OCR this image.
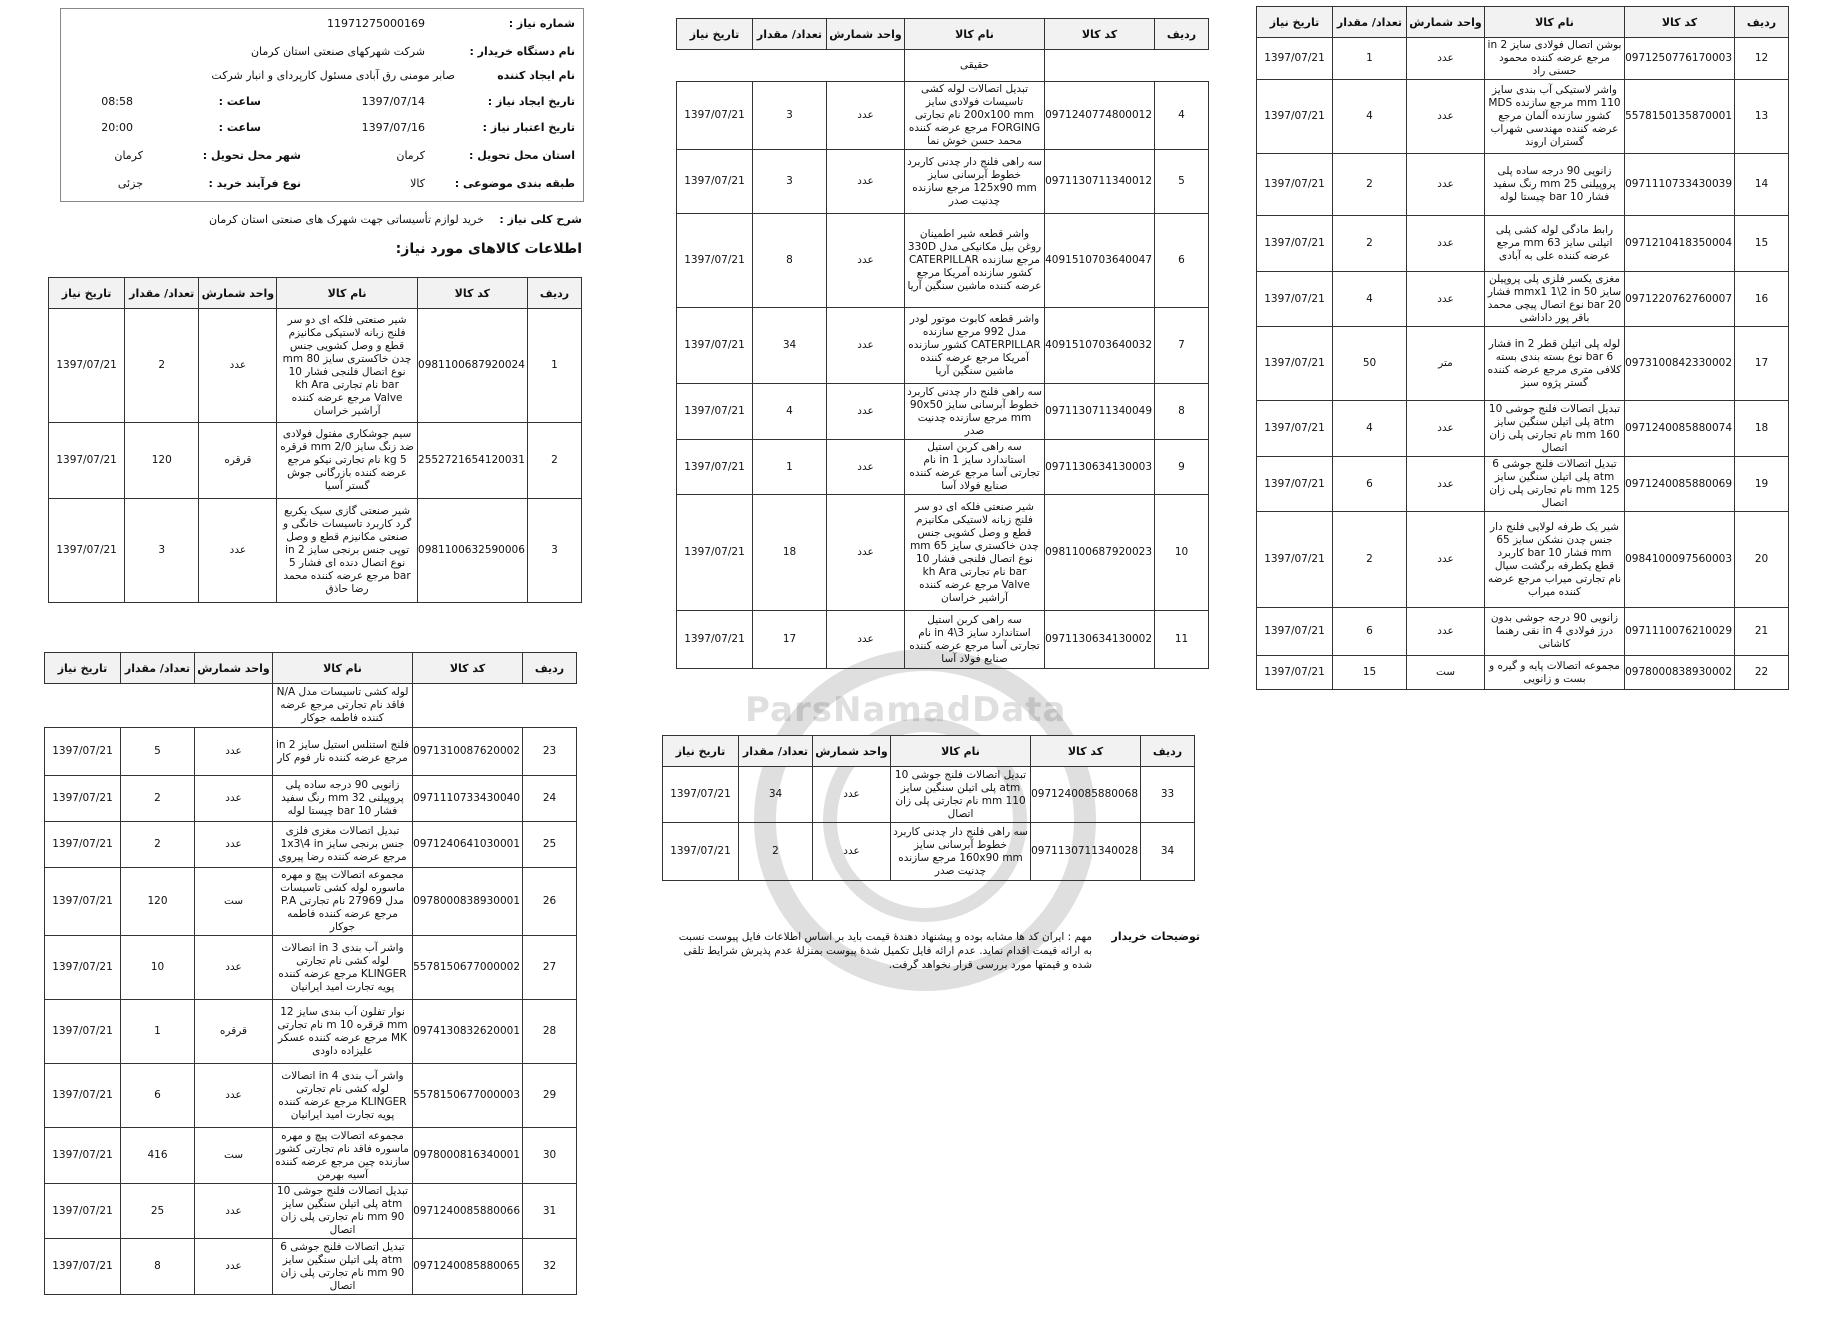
ParsNamadData
شماره نیاز :
11971275000169
نام دستگاه خریدار :
شرکت شهرکهای صنعتی استان کرمان
نام ایجاد کننده
صابر مومنی رق آبادی مسئول کارپردای و انبار شرکت
تاریخ ایجاد نیاز :
1397/07/14
ساعت :
08:58
تاریخ اعتبار نیاز :
1397/07/16
ساعت :
20:00
استان محل تحویل :
کرمان
شهر محل تحویل :
کرمان
طبقه بندی موضوعی :
کالا
نوع فرآیند خرید :
جزئی
شرح کلی نیاز : خرید لوازم تأسیساتی جهت شهرک های صنعتی استان کرمان
اطلاعات کالاهای مورد نیاز:
ردیف	کد کالا	نام کالا	واحد شمارش	تعداد/ مقدار	تاریخ نیاز
1	0981100687920024	شیر صنعتی فلکه ای دو سر فلنج زبانه لاستیکی مکانیزم قطع و وصل کشویی جنس چدن خاکستری سایز 80 mm نوع اتصال فلنجی فشار 10 bar نام تجارتی kh Ara Valve مرجع عرضه کننده آراشیر خراسان	عدد	2	1397/07/21
2	2552721654120031	سیم جوشکاری مفتول فولادی ضد زنگ سایز 2/0 mm قرقره 5 kg نام تجارتی نیکو مرجع عرضه کننده بازرگانی جوش گستر آسیا	قرقره	120	1397/07/21
3	0981100632590006	شیر صنعتی گازی سیک یکربع گرد کاربرد تاسیسات خانگی و صنعتی مکانیزم قطع و وصل توپی جنس برنجی سایز 2 in نوع اتصال دنده ای فشار 5 bar مرجع عرضه کننده محمد رضا حاذق	عدد	3	1397/07/21
ردیف	کد کالا	نام کالا	واحد شمارش	تعداد/ مقدار	تاریخ نیاز
		لوله کشی تاسیسات مدل N/A فاقد نام تجارتی مرجع عرضه کننده فاطمه جوکار			
23	0971310087620002	فلنج استنلس استیل سایز 2 in مرجع عرضه کننده نار فوم کار	عدد	5	1397/07/21
24	0971110733430040	زانویی 90 درجه ساده پلی پروپیلنی 32 mm رنگ سفید فشار 10 bar چیستا لوله	عدد	2	1397/07/21
25	0971240641030001	تبدیل اتصالات مغزی فلزی جنس برنجی سایز 1x3\4 in مرجع عرضه کننده رضا پیروی	عدد	2	1397/07/21
26	0978000838930001	مجموعه اتصالات پیچ و مهره ماسوره لوله کشی تاسیسات مدل 27969 نام تجارتی P.A مرجع عرضه کننده فاطمه جوکار	ست	120	1397/07/21
27	5578150677000002	واشر آب بندی 3 in اتصالات لوله کشی نام تجارتی KLINGER مرجع عرضه کننده پویه تجارت امید ایرانیان	عدد	10	1397/07/21
28	0974130832620001	نوار تفلون آب بندی سایز 12 mm قرقره 10 m نام تجارتی MK مرجع عرضه کننده عسکر علیزاده داودی	قرقره	1	1397/07/21
29	5578150677000003	واشر آب بندی 4 in اتصالات لوله کشی نام تجارتی KLINGER مرجع عرضه کننده پویه تجارت امید ایرانیان	عدد	6	1397/07/21
30	0978000816340001	مجموعه اتصالات پیچ و مهره ماسوره فاقد نام تجارتی کشور سازنده چین مرجع عرضه کننده آسیه بهرمن	ست	416	1397/07/21
31	0971240085880066	تبدیل اتصالات فلنج جوشی 10 atm پلی اتیلن سنگین سایز 90 mm نام تجارتی پلی زان اتصال	عدد	25	1397/07/21
32	0971240085880065	تبدیل اتصالات فلنج جوشی 6 atm پلی اتیلن سنگین سایز 90 mm نام تجارتی پلی زان اتصال	عدد	8	1397/07/21
ردیف	کد کالا	نام کالا	واحد شمارش	تعداد/ مقدار	تاریخ نیاز
		حقیقی			
4	0971240774800012	تبدیل اتصالات لوله کشی تاسیسات فولادی سایز 200x100 mm نام تجارتی FORGING مرجع عرضه کننده محمد حسن خوش نما	عدد	3	1397/07/21
5	0971130711340012	سه راهی فلنج دار چدنی کاربرد خطوط آبرسانی سایز 125x90 mm مرجع سازنده چدنیت صدر	عدد	3	1397/07/21
6	4091510703640047	واشر قطعه شیر اطمینان روغن بیل مکانیکی مدل 330D مرجع سازنده CATERPILLAR کشور سازنده آمریکا مرجع عرضه کننده ماشین سنگین آریا	عدد	8	1397/07/21
7	4091510703640032	واشر قطعه کابوت موتور لودر مدل 992 مرجع سازنده CATERPILLAR کشور سازنده آمریکا مرجع عرضه کننده ماشین سنگین آریا	عدد	34	1397/07/21
8	0971130711340049	سه راهی فلنج دار چدنی کاربرد خطوط آبرسانی سایز 90x50 mm مرجع سازنده چدنیت صدر	عدد	4	1397/07/21
9	0971130634130003	سه راهی کربن استیل استاندارد سایز 1 in نام تجارتی آسا مرجع عرضه کننده صنایع فولاد آسا	عدد	1	1397/07/21
10	0981100687920023	شیر صنعتی فلکه ای دو سر فلنج زبانه لاستیکی مکانیزم قطع و وصل کشویی جنس چدن خاکستری سایز 65 mm نوع اتصال فلنجی فشار 10 bar نام تجارتی kh Ara Valve مرجع عرضه کننده آراشیر خراسان	عدد	18	1397/07/21
11	0971130634130002	سه راهی کربن استیل استاندارد سایز 3\4 in نام تجارتی آسا مرجع عرضه کننده صنایع فولاد آسا	عدد	17	1397/07/21
ردیف	کد کالا	نام کالا	واحد شمارش	تعداد/ مقدار	تاریخ نیاز
33	0971240085880068	تبدیل اتصالات فلنج جوشی 10 atm پلی اتیلن سنگین سایز 110 mm نام تجارتی پلی زان اتصال	عدد	34	1397/07/21
34	0971130711340028	سه راهی فلنج دار چدنی کاربرد خطوط آبرسانی سایز 160x90 mm مرجع سازنده چدنیت صدر	عدد	2	1397/07/21
ردیف	کد کالا	نام کالا	واحد شمارش	تعداد/ مقدار	تاریخ نیاز
12	0971250776170003	بوشن اتصال فولادی سایز 2 in مرجع عرضه کننده محمود حسنی راد	عدد	1	1397/07/21
13	5578150135870001	واشر لاستیکی آب بندی سایز 110 mm مرجع سازنده MDS کشور سازنده آلمان مرجع عرضه کننده مهندسی شهراب گستران اروند	عدد	4	1397/07/21
14	0971110733430039	زانویی 90 درجه ساده پلی پروپیلنی 25 mm رنگ سفید فشار 10 bar چیستا لوله	عدد	2	1397/07/21
15	0971210418350004	رابط مادگی لوله کشی پلی اتیلنی سایز 63 mm مرجع عرضه کننده علی به آبادی	عدد	2	1397/07/21
16	0971220762760007	مغزی یکسر فلزی پلی پروپیلن سایز 50 mmx1 1\2 in فشار 20 bar نوع اتصال پیچی محمد باقر پور داداشی	عدد	4	1397/07/21
17	0973100842330002	لوله پلی اتیلن قطر 2 in فشار 6 bar نوع بسته بندی بسته کلافی متری مرجع عرضه کننده گستر پژوه سبز	متر	50	1397/07/21
18	0971240085880074	تبدیل اتصالات فلنج جوشی 10 atm پلی اتیلن سنگین سایز 160 mm نام تجارتی پلی زان اتصال	عدد	4	1397/07/21
19	0971240085880069	تبدیل اتصالات فلنج جوشی 6 atm پلی اتیلن سنگین سایز 125 mm نام تجارتی پلی زان اتصال	عدد	6	1397/07/21
20	0984100097560003	شیر یک طرفه لولایی فلنج دار جنس چدن نشکن سایز 65 mm فشار 10 bar کاربرد قطع یکطرفه برگشت سیال نام تجارتی میراب مرجع عرضه کننده میراب	عدد	2	1397/07/21
21	0971110076210029	زانویی 90 درجه جوشی بدون درز فولادی 4 in نقی رهنما کاشانی	عدد	6	1397/07/21
22	0978000838930002	مجموعه اتصالات پایه و گیره و بست و زانویی	ست	15	1397/07/21
توضیحات خریدار
مهم : ایران کد ها مشابه بوده و پیشنهاد دهندهٔ قیمت باید بر اساس اطلاعات فایل پیوست نسبت به ارائه قیمت اقدام نماید. عدم ارائه فایل تکمیل شدهٔ پیوست بمنزلهٔ عدم پذیرش شرایط تلقی شده و قیمتها مورد بررسی قرار نخواهد گرفت.
